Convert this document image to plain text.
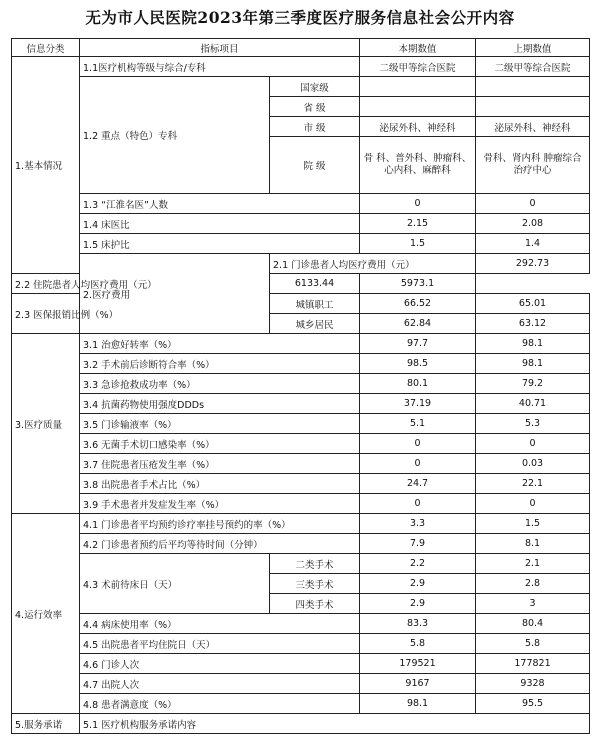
无为市人民医院2023年第三季度医疗服务信息社会公开内容
信息分类	指标项目		本期数值	上期数值	
1.基本情况	1.1医疗机构等级与综合/专科		二级甲等综合医院	二级甲等综合医院	
	1.2 重点（特色）专科	国家级			
		省 级			
		市 级	泌尿外科、神经科	泌尿外科、神经科	
		院 级	骨 科、普外科、肿瘤科、心内科、麻醉科	骨科、肾内科 肿瘤综合治疗中心	
	1.3 “江淮名医”人数		0	0	
	1.4 床医比		2.15	2.08	
	1.5 床护比		1.5	1.4	
	2.医疗费用	2.1 门诊患者人均医疗费用（元）		292.73	
2.2 住院患者人均医疗费用（元）		6133.44	5973.1		
2.3 医保报销比例（%）		城镇职工	66.52	65.01	
		城乡居民	62.84	63.12	
3.医疗质量	3.1 治愈好转率（%）		97.7	98.1	
	3.2 手术前后诊断符合率（%）		98.5	98.1	
	3.3 急诊抢救成功率（%）		80.1	79.2	
	3.4 抗菌药物使用强度DDDs		37.19	40.71	
	3.5 门诊输液率（%）		5.1	5.3	
	3.6 无菌手术切口感染率（%）		0	0	
	3.7 住院患者压疮发生率（%）		0	0.03	
	3.8 出院患者手术占比（%）		24.7	22.1	
	3.9 手术患者并发症发生率（%）		0	0	
4.运行效率	4.1 门诊患者平均预约诊疗率挂号预约的率（%）		3.3	1.5	
	4.2 门诊患者预约后平均等待时间（分钟）		7.9	8.1	
	4.3 术前待床日（天）	二类手术	2.2	2.1	
		三类手术	2.9	2.8	
		四类手术	2.9	3	
	4.4 病床使用率（%）		83.3	80.4	
	4.5 出院患者平均住院日（天）		5.8	5.8	
	4.6 门诊人次		179521	177821	
	4.7 出院人次		9167	9328	
	4.8 患者满意度（%）		98.1	95.5	
5.服务承诺	5.1 医疗机构服务承诺内容				
